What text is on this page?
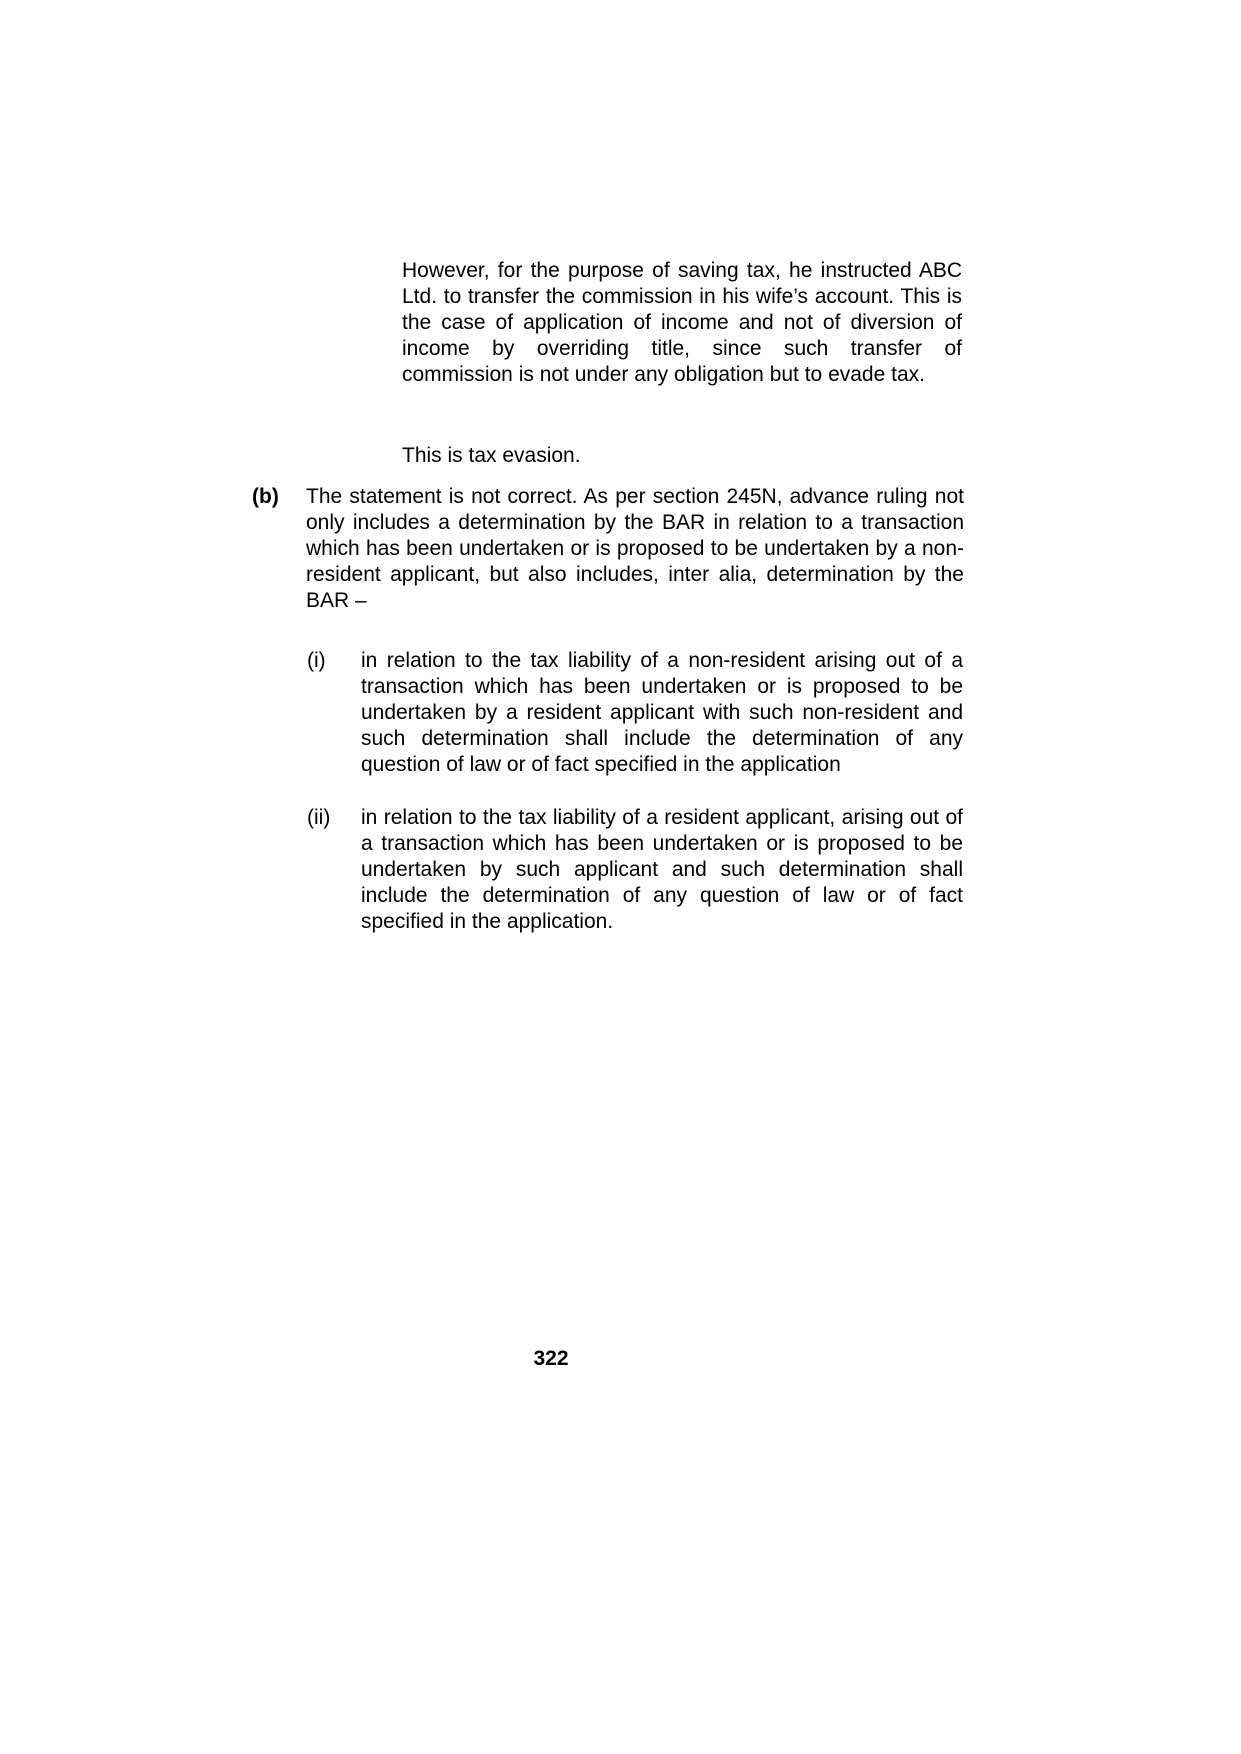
However, for the purpose of saving tax, he instructed ABC Ltd. to transfer the commission in his wife’s account. This is the case of application of income and not of diversion of income by overriding title, since such transfer of commission is not under any obligation but to evade tax.

This is tax evasion.

(b)	The statement is not correct. As per section 245N, advance ruling not only includes a determination by the BAR in relation to a transaction which has been undertaken or is proposed to be undertaken by a non-resident applicant, but also includes, inter alia, determination by the BAR –

(i)	in relation to the tax liability of a non-resident arising out of a transaction which has been undertaken or is proposed to be undertaken by a resident applicant with such non-resident and such determination shall include the determination of any question of law or of fact specified in the application

(ii)	in relation to the tax liability of a resident applicant, arising out of a transaction which has been undertaken or is proposed to be undertaken by such applicant and such determination shall include the determination of any question of law or of fact specified in the application.

322
